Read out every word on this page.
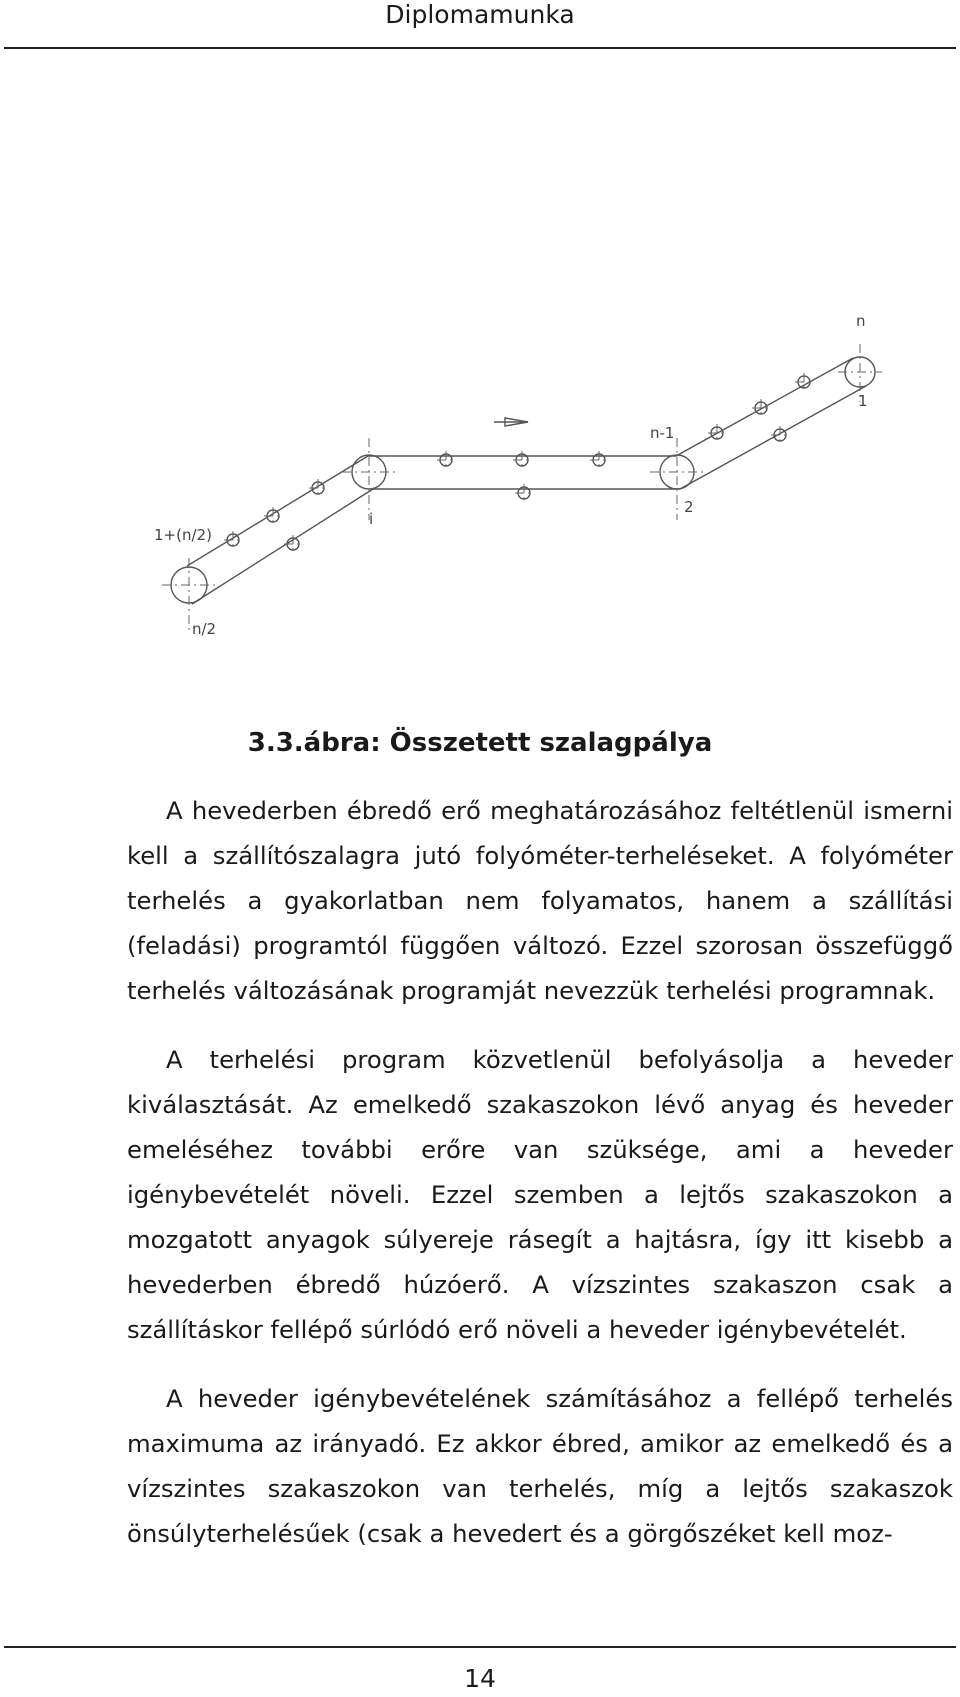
Diplomamunka
n
1
n-1
2
i
1+(n/2)
n/2
3.3.ábra: Összetett szalagpálya

A hevederben ébredő erő meghatározásához feltétlenül ismerni kell a szállítószalagra jutó folyóméter-terheléseket. A folyóméter terhelés a gyakorlatban nem folyamatos, hanem a szállítási (feladási) programtól függően változó. Ezzel szorosan összefüggő terhelés változásának programját nevezzük terhelési programnak.

A terhelési program közvetlenül befolyásolja a heveder kiválasztását. Az emelkedő szakaszokon lévő anyag és heveder emeléséhez további erőre van szüksége, ami a heveder igénybevételét növeli. Ezzel szemben a lejtős szakaszokon a mozgatott anyagok súlyereje rásegít a hajtásra, így itt kisebb a hevederben ébredő húzóerő. A vízszintes szakaszon csak a szállításkor fellépő súrlódó erő növeli a heveder igénybevételét.

A heveder igénybevételének számításához a fellépő terhelés maximuma az irányadó. Ez akkor ébred, amikor az emelkedő és a vízszintes szakaszokon van terhelés, míg a lejtős szakaszok önsúlyterhelésűek (csak a hevedert és a görgőszéket kell moz-

14
